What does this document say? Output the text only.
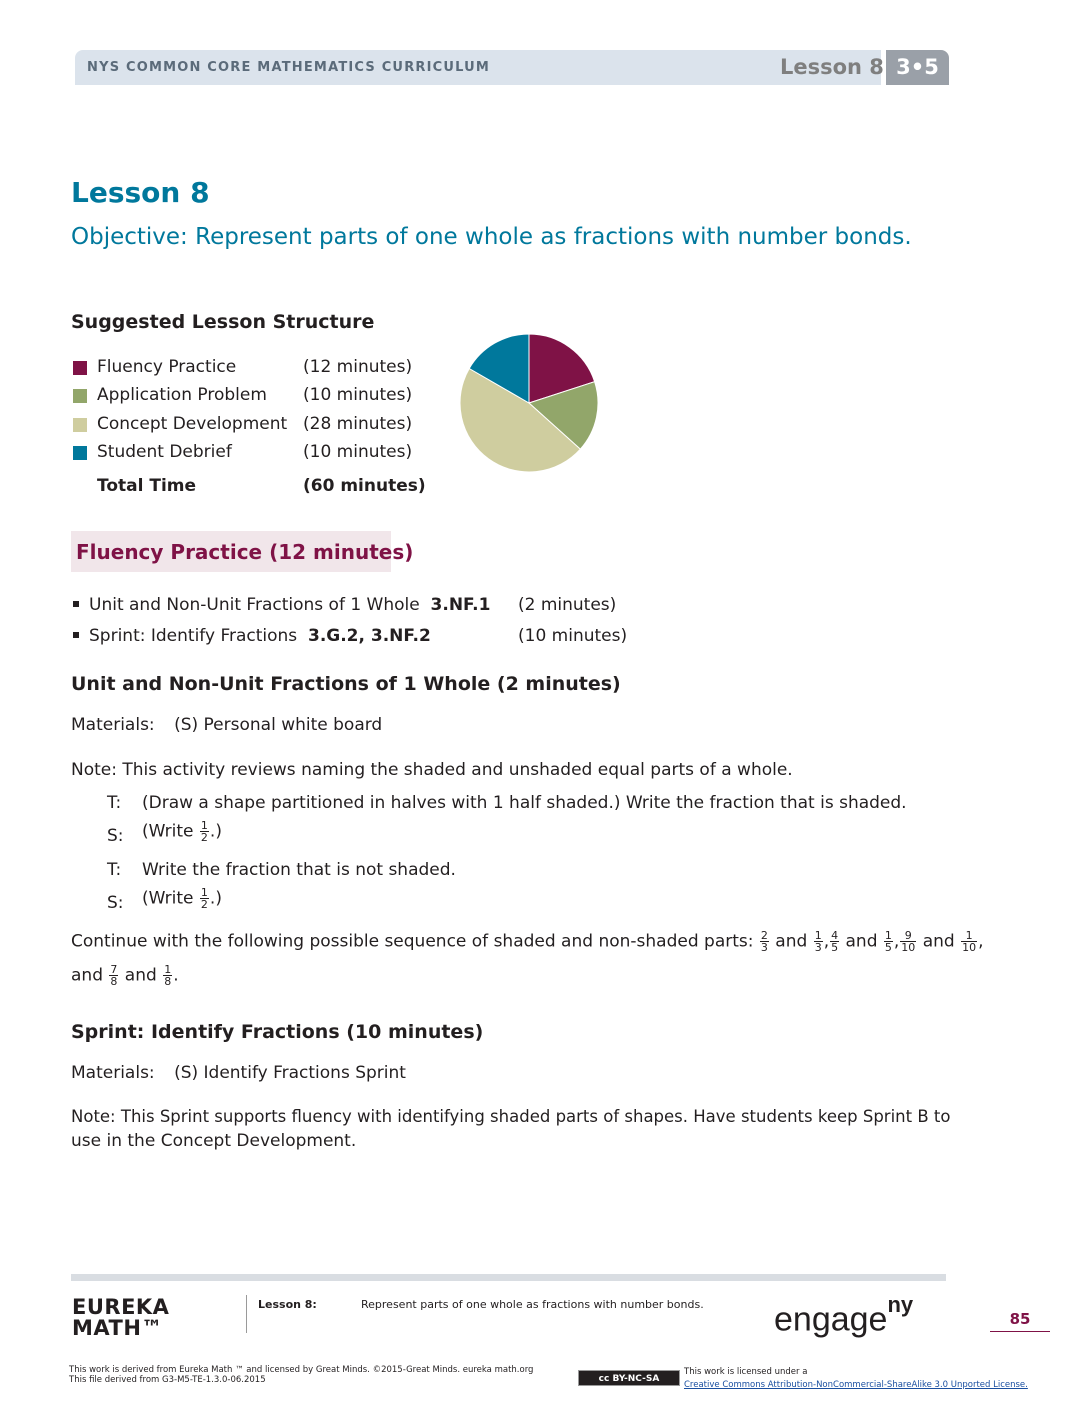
NYS COMMON CORE MATHEMATICS CURRICULUM	Lesson 8 3•5
Lesson 8
Objective: Represent parts of one whole as fractions with number bonds.
Suggested Lesson Structure
Fluency Practice	(12 minutes)
Application Problem (10 minutes)
Concept Development (28 minutes)
Student Debrief	(10 minutes)
Total Time	(60 minutes)
Fluency Practice (12 minutes)
Unit and Non-Unit Fractions of 1 Whole 3.NF.1 (2 minutes)
Sprint: Identify Fractions 3.G.2, 3.NF.2	(10 minutes)
Unit and Non-Unit Fractions of 1 Whole (2 minutes)
Materials: (S) Personal white board
Note: This activity reviews naming the shaded and unshaded equal parts of a whole.
T: (Draw a shape partitioned in halves with 1 half shaded.) Write the fraction that is shaded.
S: (Write $\frac{1}{2}$ .)
T: Write the fraction that is not shaded.
S: (Write $\frac{1}{2}$ .)
Continue with the following possible sequence of shaded and non-shaded parts: $\frac{2}{3}$ and $\frac{1}{3}$ , $\frac{4}{5}$ and $\frac{1}{5}$ , $\frac{9}{10}$ and $\frac{1}{10}$ ,
and $\frac{7}{8}$ and $\frac{1}{8}$ .
Sprint: Identify Fractions (10 minutes)
Materials: (S) Identify Fractions Sprint
Note: This Sprint supports fluency with identifying shaded parts of shapes. Have students keep Sprint B to
use in the Concept Development.
EUREKA
MATH™
Lesson 8:	Represent parts of one whole as fractions with number bonds. engage$^{ny}$
85
This work is derived from Eureka Math ™ and licensed by Great Minds. ©2015-Great Minds. eureka math.org
This file derived from G3-M5-TE-1.3.0-06.2015	cc BY-NC-SA
This work is licensed under a
Creative Commons Attribution-NonCommercial-ShareAlike 3.0 Unported License.
